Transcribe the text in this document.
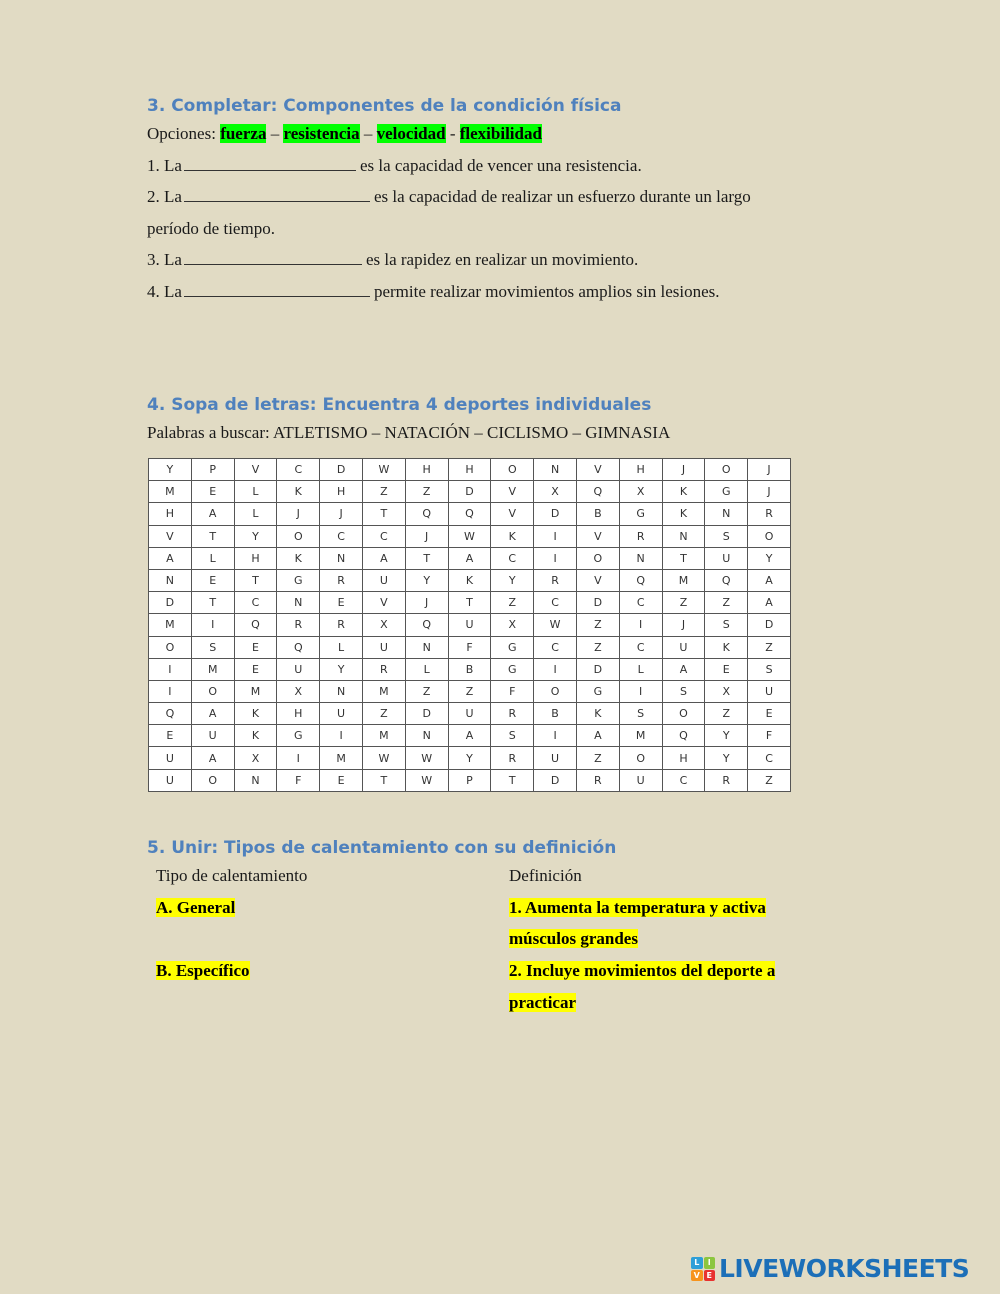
3. Completar: Componentes de la condición física
Opciones: fuerza – resistencia – velocidad - flexibilidad
1. La	es la capacidad de vencer una resistencia.
2. La	es la capacidad de realizar un esfuerzo durante un largo
período de tiempo.
3. La	es la rapidez en realizar un movimiento.
4. La	permite realizar movimientos amplios sin lesiones.
4. Sopa de letras: Encuentra 4 deportes individuales
Palabras a buscar: ATLETISMO – NATACIÓN – CICLISMO – GIMNASIA
Y	P	V	C	D	W	H	H	O	N	V	H	J	O	J
M	E	L	K	H	Z	Z	D	V	X	Q	X	K	G	J
H	A	L	J	J	T	Q	Q	V	D	B	G	K	N	R
V	T	Y	O	C	C	J	W	K	I	V	R	N	S	O
A	L	H	K	N	A	T	A	C	I	O	N	T	U	Y
N	E	T	G	R	U	Y	K	Y	R	V	Q	M	Q	A
D	T	C	N	E	V	J	T	Z	C	D	C	Z	Z	A
M	I	Q	R	R	X	Q	U	X	W	Z	I	J	S	D
O	S	E	Q	L	U	N	F	G	C	Z	C	U	K	Z
I	M	E	U	Y	R	L	B	G	I	D	L	A	E	S
I	O	M	X	N	M	Z	Z	F	O	G	I	S	X	U
Q	A	K	H	U	Z	D	U	R	B	K	S	O	Z	E
E	U	K	G	I	M	N	A	S	I	A	M	Q	Y	F
U	A	X	I	M	W	W	Y	R	U	Z	O	H	Y	C
U	O	N	F	E	T	W	P	T	D	R	U	C	R	Z
5. Unir: Tipos de calentamiento con su definición
Tipo de calentamiento	Definición
A. General	1. Aumenta la temperatura y activa
músculos grandes
B. Específico	2. Incluye movimientos del deporte a
practicar
L	I
V E LIVEWORKSHEETS
